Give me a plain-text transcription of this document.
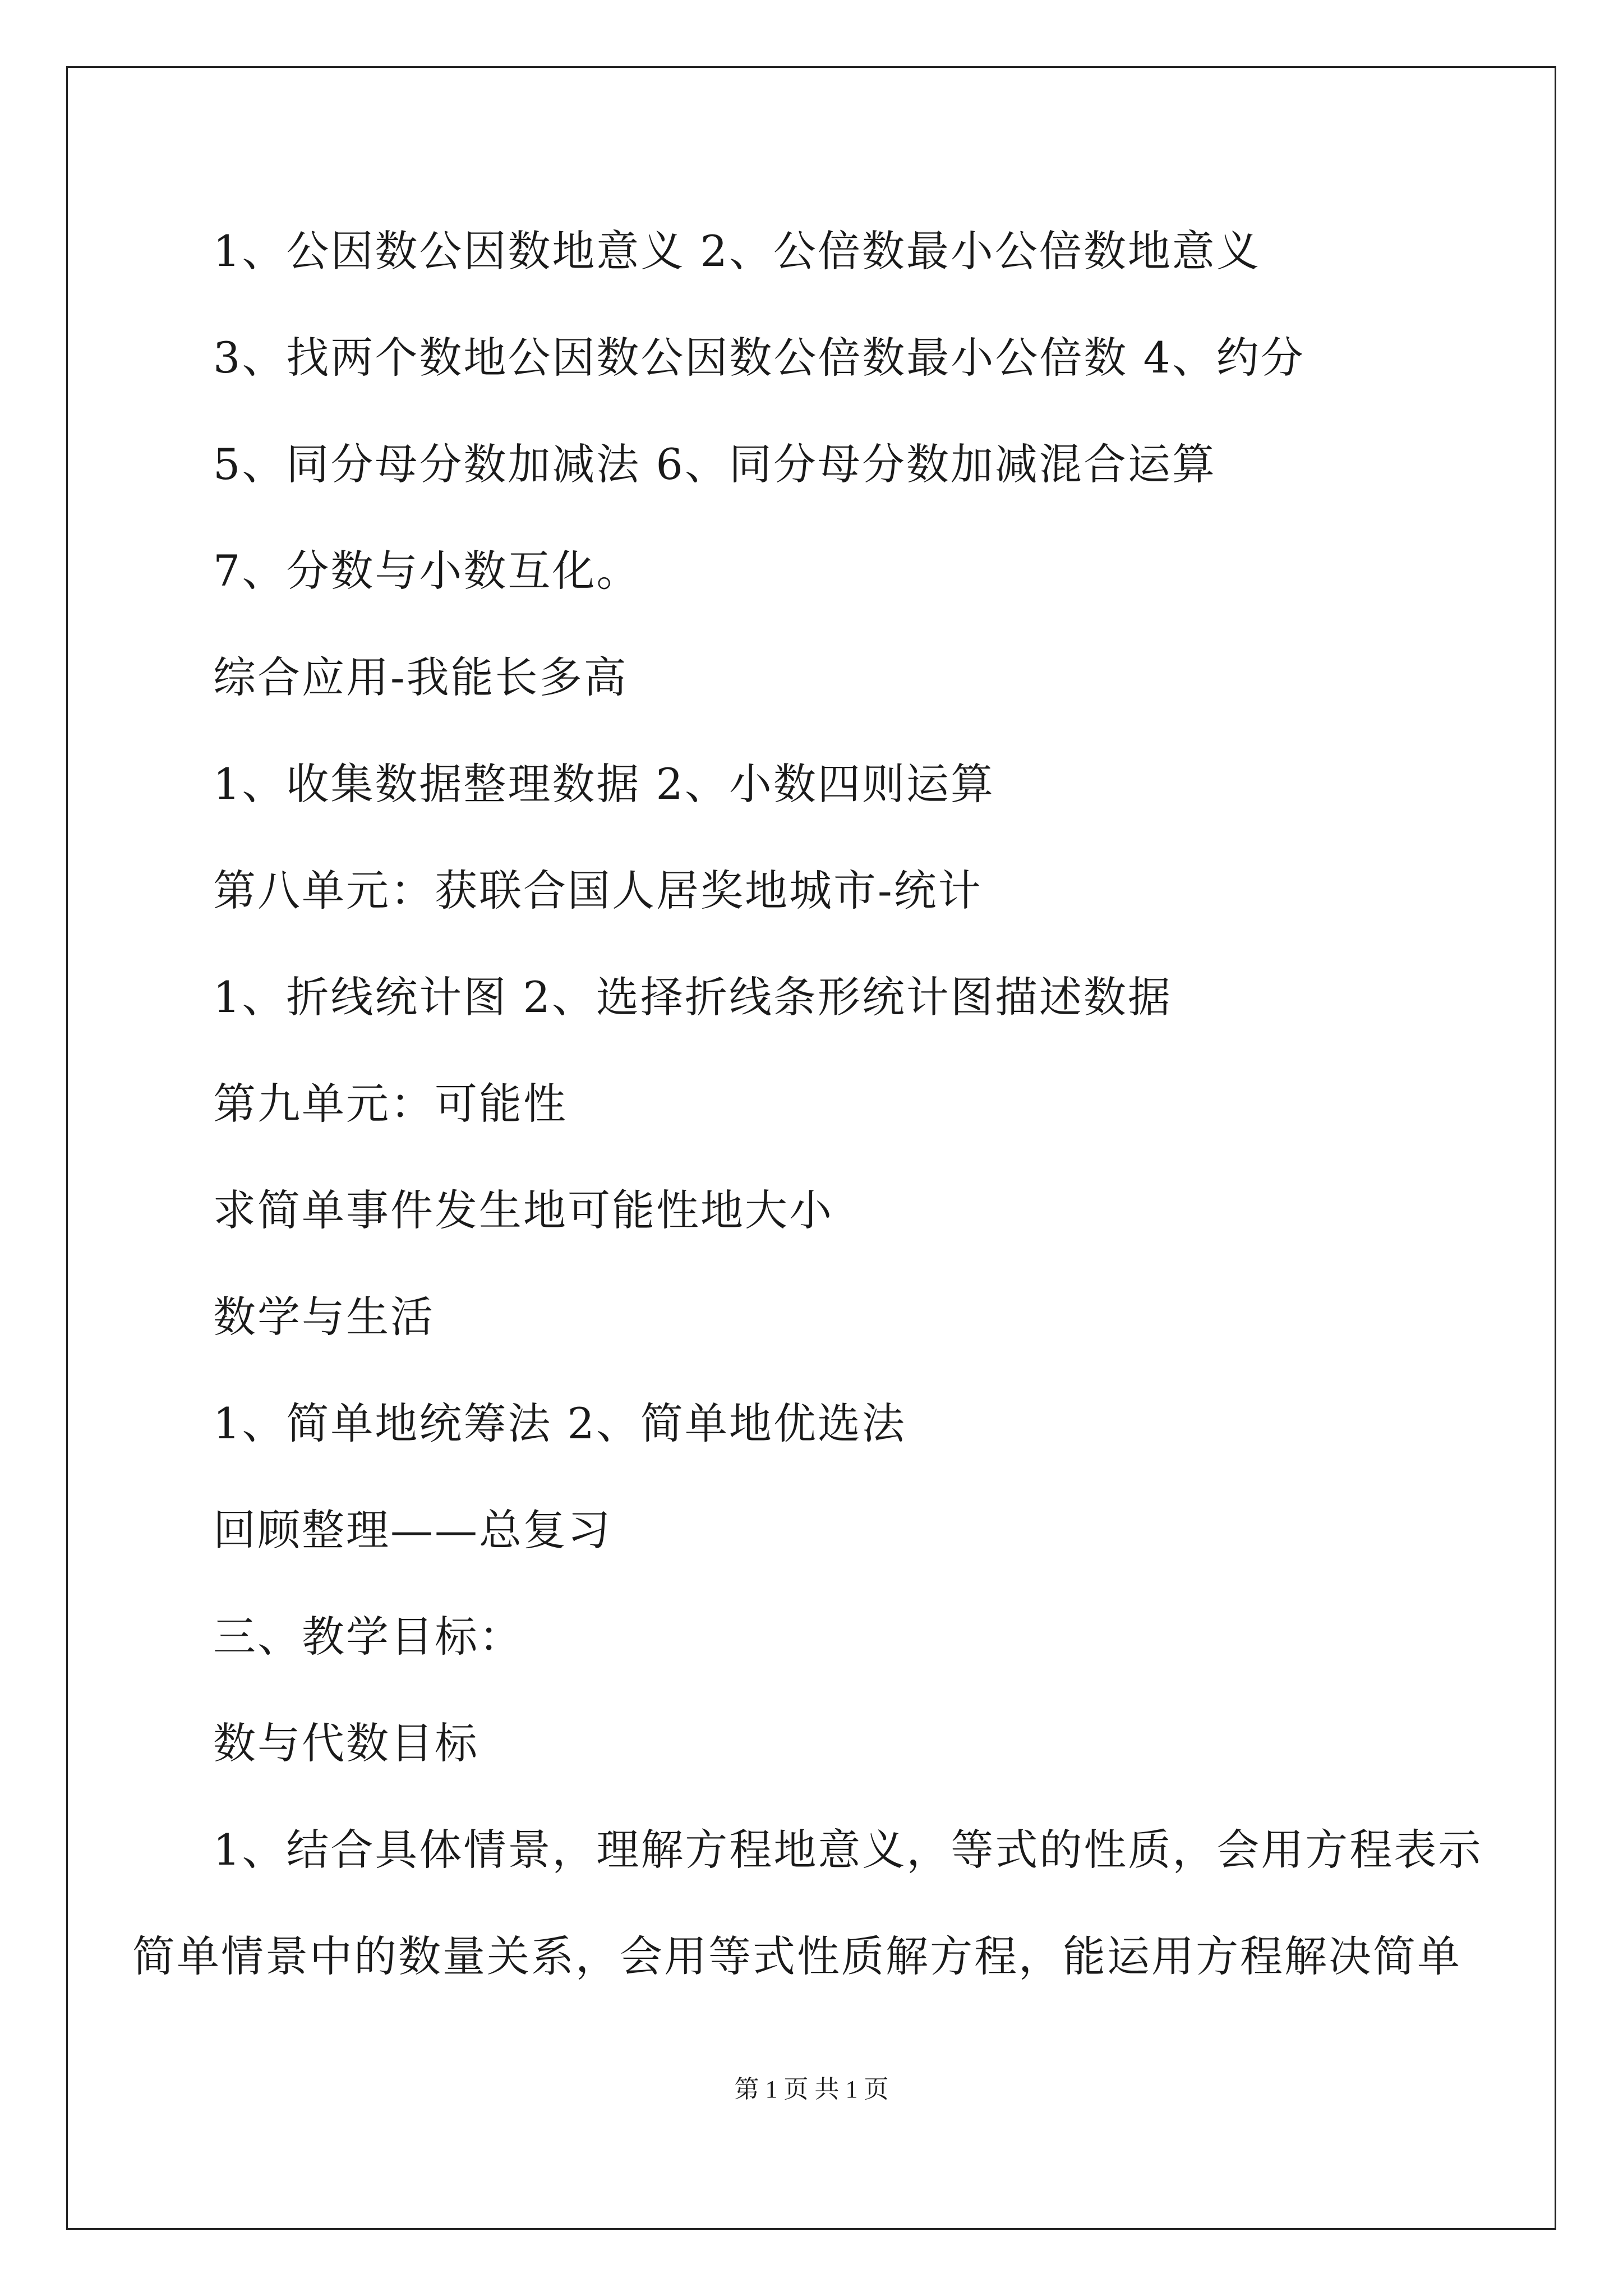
1、公因数公因数地意义 2、公倍数最小公倍数地意义
3、找两个数地公因数公因数公倍数最小公倍数 4、约分
5、同分母分数加减法 6、同分母分数加减混合运算
7、分数与小数互化。
综合应用-我能长多高
1、收集数据整理数据 2、小数四则运算
第八单元：获联合国人居奖地城市-统计
1、折线统计图 2、选择折线条形统计图描述数据
第九单元：可能性
求简单事件发生地可能性地大小
数学与生活
1、简单地统筹法 2、简单地优选法
回顾整理——总复习
三、教学目标：
数与代数目标
1、结合具体情景，理解方程地意义，等式的性质，会用方程表示
简单情景中的数量关系，会用等式性质解方程，能运用方程解决简单
第 1 页 共 1 页
